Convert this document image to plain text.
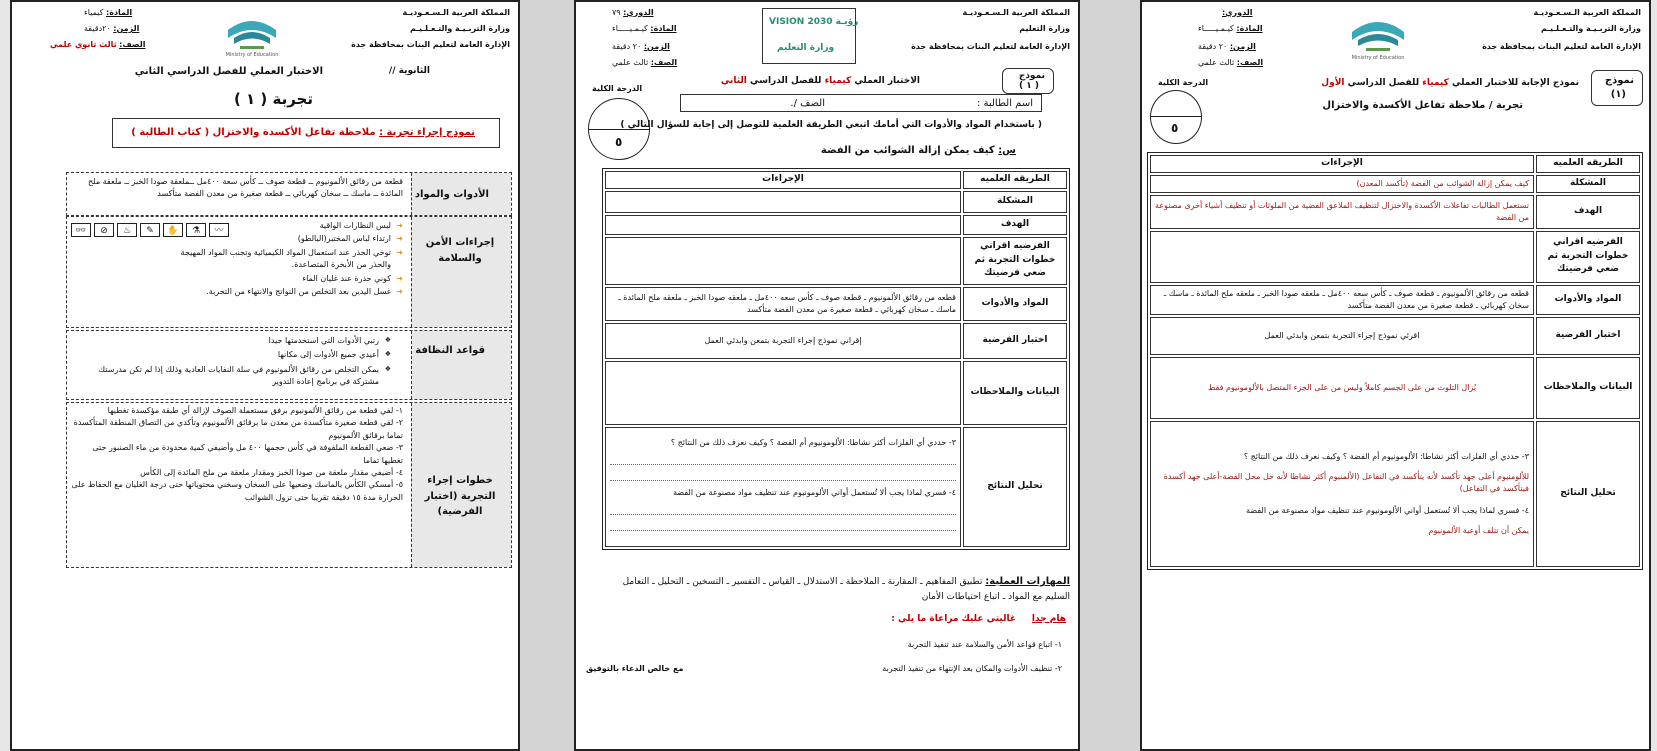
المملكة العربية الـسـعـوديـة
وزارة التربـيـة والتـعـلـيـم
الإدارة العامة لتعليم البنات بمحافظة جدة
Ministry of Education
المادة: كيمياء
الزمن: ٢٠دقيقة
الصف: ثالث ثانوي علمي
الثانوية //
الاختبار العملي للفصل الدراسي الثاني
تجربة ( ١ )
نموذج إجراء تجربة : ملاحظة تفاعل الأكسدة والاختزال ( كتاب الطالبة )
الأدوات والمواد
قطعة من رقائق الألمونيوم ــ قطعة صوف ــ كأس سعة ٤٠٠مل ــملعقة صودا الخبز ــ ملعقة ملح المائدة ــ ماسك ــ سخان كهربائي ــ قطعة صغيرة من معدن الفضة متأكسد
إجراءات الأمن والسلامة
➜ لبس النظارات الواقية
➜ ارتداء لباس المختبر(البالطو)
➜ توخي الحذر عند استعمال المواد الكيميائية وتجنب المواد المهيجة والحذر من الأبخرة المتصاعدة.
➜ كوني حذرة عند غليان الماء
➜ غسل اليدين بعد التخلص من النواتج والانتهاء من التجربة.
👓	⊘	♨	✎	✋	⚗	〰
قواعد النظافة
❖ رتبي الأدوات التي استخدمتها جيدا
❖ أعيدي جميع الأدوات إلى مكانها
❖ يمكن التخلص من رقائق الألمونيوم في سلة النفايات العادية وذلك إذا لم تكن مدرستك مشتركة في برنامج إعادة التدوير
خطوات إجراء التجربة (اختبار الفرضية)
١- لفي قطعة من رقائق الألمونيوم برفق مستعملة الصوف لإزالة أي طبقة مؤكسدة تغطيها
٢- لفي قطعة صغيرة متأكسدة من معدن ما برقائق الألمونيوم وتأكدي من التصاق المنطقة المتأكسدة تماما برقائق الألمونيوم
٣- ضعي القطعة الملفوفة في كأس حجمها ٤٠٠ مل وأضيفي كمية محدودة من ماء الصنبور حتى تغطيها تماما
٤- أضيفي مقدار ملعقة من صودا الخبز ومقدار ملعقة من ملح المائدة إلى الكأس
٥- أمسكي الكأس بالماسك وضعيها على السخان وسخني محتوياتها حتى درجة الغليان مع الحفاظ على الحرارة مدة ١٥ دقيقة تقريبا حتى تزول الشوائب
المملكة العربية الـسـعـوديـة
وزارة التعليم
الإدارة العامة لتعليم البنات بمحافظة جدة
VISION رؤيـة 2030
وزارة التعليم
الدوري: ٧٩
المادة: كيـمـيـــــاء
الزمن: ٢٠ دقيقة
الصف: ثالث علمي
الاختبار العملي كيمياء للفصل الدراسي الثاني	نموذج
( ١ )
الدرجة الكلية
٥
اسم الطالبة :
الصف /.
( باستخدام المواد والأدوات التي أمامك اتبعي الطريقة العلمية للتوصل إلى إجابة للسؤال التالي )
س: كيف يمكن إزالة الشوائب من الفضة
الطريقه العلميه	الإجراءات
المشكلة	
الهدف	
الفرضيه اقراني خطوات التجربة ثم ضعي فرضيتك	
المواد والأدوات	قطعه من رقائق الألمونيوم ـ قطعة صوف ـ كأس سعه ٤٠٠مل ـ ملعقه صودا الخبز ـ ملعقه ملح المائدة ـ ماسك ـ سخان كهربائي ـ قطعة صغيرة من معدن الفضة متأكسد
اختبار الفرضية	إقراني نموذج إجراء التجربة بتمعن وابدئي العمل
البيانات والملاحظات	
تحليل النتائج	٣- حددي أي الفلزات أكثر نشاطا: الألومونيوم أم الفضة ؟ وكيف نعرف ذلك من النتائج ؟
٤- فسري لماذا يجب ألا تُستعمل أواني الألومونيوم عند تنظيف مواد مصنوعة من الفضة
المهارات العملية: تطبيق المفاهيم ـ المقارنة ـ الملاحظة ـ الاستدلال ـ القياس ـ التفسير ـ التسخين ـ التحليل ـ التعامل السليم مع المواد ـ اتباع احتياطات الأمان
هام جدا
غاليتي عليك مراعاة ما يلي :
١- اتباع قواعد الأمن والسلامة عند تنفيذ التجربة
٢- تنظيف الأدوات والمكان بعد الإنتهاء من تنفيذ التجربة
مع خالص الدعاء بالتوفيق
المملكة العربية الـسـعـوديـة
وزارة التربـيـة والتـعـلـيـم
الإدارة العامة لتعليم البنات بمحافظة جدة
Ministry of Education
الدوري:
المادة: كيـمـيـــــاء
الزمن: ٢٠ دقيقة
الصف: ثالث علمي
نموذج
(١)
نموذج الإجابة للاختبار العملي كيمياء للفصل الدراسي الأول
تجربة / ملاحظة تفاعل الأكسدة والاختزال
الدرجة الكلية
٥
الطريقه العلميه	الإجراءات
المشكلة	كيف يمكن إزالة الشوائب من الفضة (تأكسد المعدن)
الهدف	تستعمل الطالبات تفاعلات الأكسدة والاختزال لتنظيف الملاعق الفضية من الملوثات أو تنظيف أشياء أخرى مصنوعة من الفضة
الفرضيه اقراني خطوات التجربة ثم ضعي فرضيتك	
المواد والأدوات	قطعه من رقائق الألمونيوم ـ قطعة صوف ـ كأس سعه ٤٠٠مل ـ ملعقه صودا الخبز ـ ملعقه ملح المائدة ـ ماسك ـ سخان كهربائي ـ قطعة صغيرة من معدن الفضة متأكسد
اختبار الفرضية	اقرئي نموذج إجراء التجربة بتمعن وابدئي العمل
البيانات والملاحظات	يُزال التلوث من على الجسم كاملاً وليس من على الجزء المتصل بالألومونيوم فقط
تحليل النتائج	٣- حددي أي الفلزات أكثر نشاطا: الألومونيوم أم الفضة ؟ وكيف نعرف ذلك من النتائج ؟
للألومنيوم أعلى جهد تأكسد لأنه يتأكسد في التفاعل (الألمنيوم أكثر نشاطا لأنه حل محل الفضة-أعلى جهد أكسدة فيتأكسد في التفاعل)
٤- فسري لماذا يجب ألا تُستعمل أواني الألومونيوم عند تنظيف مواد مصنوعة من الفضة
يمكن أن تتلف أوعية الألمونيوم
